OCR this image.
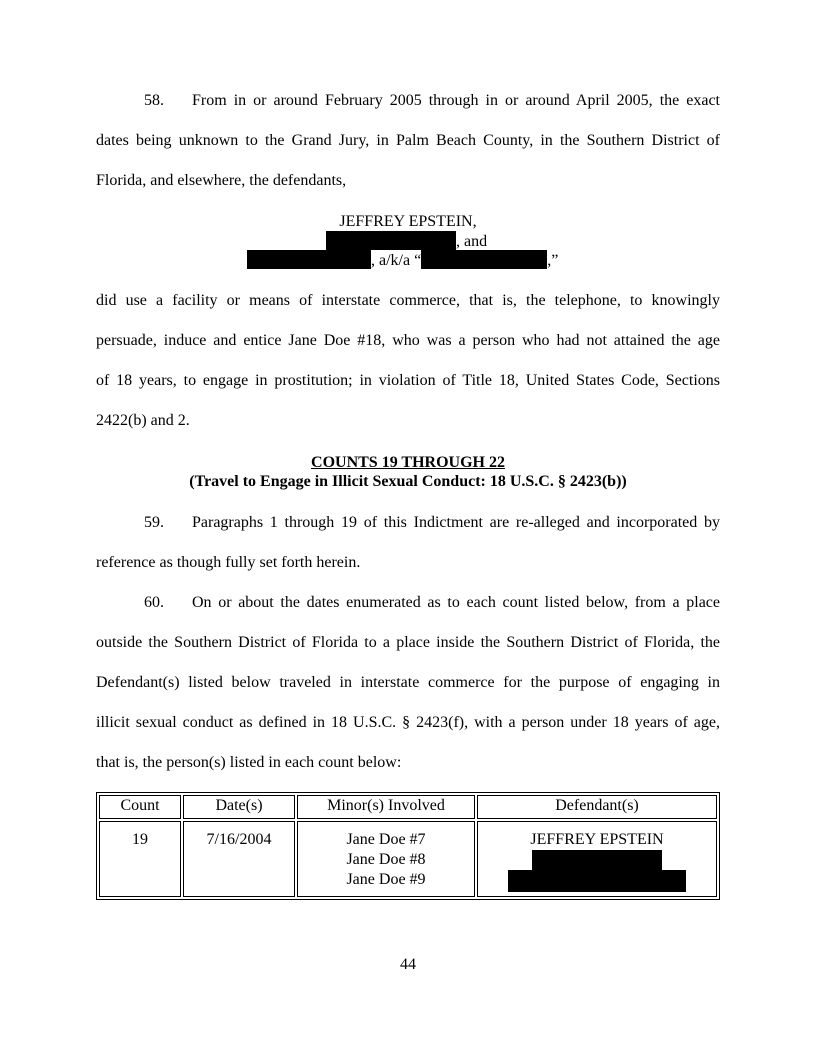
58. From in or around February 2005 through in or around April 2005, the exact
dates being unknown to the Grand Jury, in Palm Beach County, in the Southern District of
Florida, and elsewhere, the defendants,
JEFFREY EPSTEIN,
, and
, a/k/a “	,”
did use a facility or means of interstate commerce, that is, the telephone, to knowingly
persuade, induce and entice Jane Doe #18, who was a person who had not attained the age
of 18 years, to engage in prostitution; in violation of Title 18, United States Code, Sections
2422(b) and 2.
COUNTS 19 THROUGH 22
(Travel to Engage in Illicit Sexual Conduct: 18 U.S.C. § 2423(b))
59. Paragraphs 1 through 19 of this Indictment are re-alleged and incorporated by
reference as though fully set forth herein.
60. On or about the dates enumerated as to each count listed below, from a place
outside the Southern District of Florida to a place inside the Southern District of Florida, the
Defendant(s) listed below traveled in interstate commerce for the purpose of engaging in
illicit sexual conduct as defined in 18 U.S.C. § 2423(f), with a person under 18 years of age,
that is, the person(s) listed in each count below:
Count	Date(s)	Minor(s) Involved	Defendant(s)
19	7/16/2004	Jane Doe #7
Jane Doe #8
Jane Doe #9	JEFFREY EPSTEIN
44
